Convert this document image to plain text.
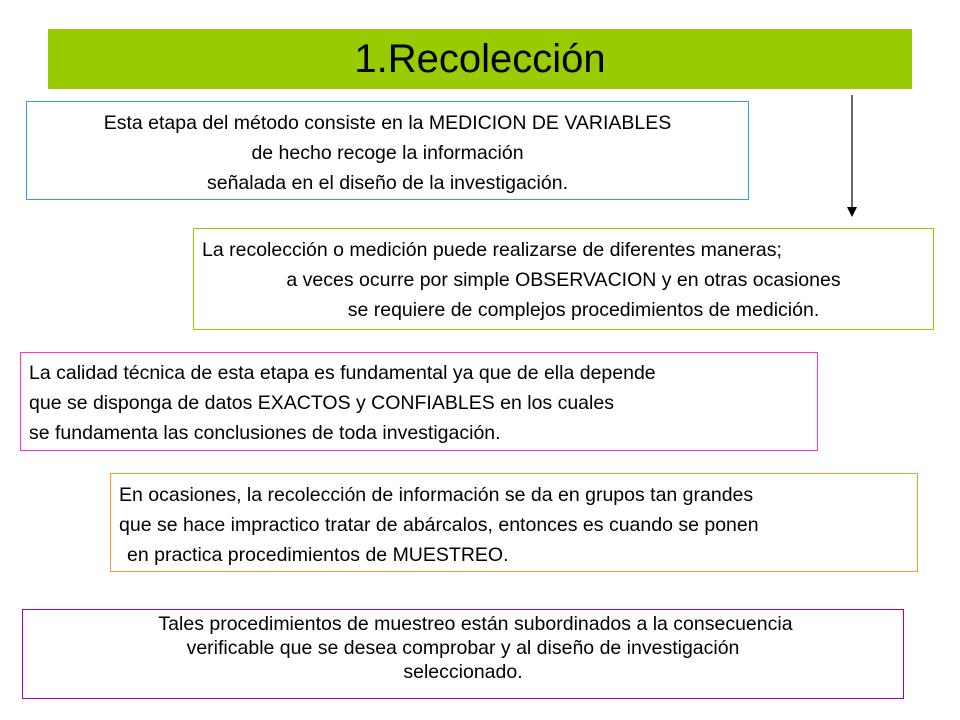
1.Recolección
Esta etapa del método consiste en la MEDICION DE VARIABLES
de hecho recoge la información
señalada en el diseño de la investigación.
La recolección o medición puede realizarse de diferentes maneras;
a veces ocurre por simple OBSERVACION y en otras ocasiones
se requiere de complejos procedimientos de medición.
La calidad técnica de esta etapa es fundamental ya que de ella depende
que se disponga de datos EXACTOS y CONFIABLES en los cuales
se fundamenta las conclusiones de toda investigación.
En ocasiones, la recolección de información se da en grupos tan grandes
que se hace impractico tratar de abárcalos, entonces es cuando se ponen
en practica procedimientos de MUESTREO.
Tales procedimientos de muestreo están subordinados a la consecuencia
verificable que se desea comprobar y al diseño de investigación
seleccionado.
